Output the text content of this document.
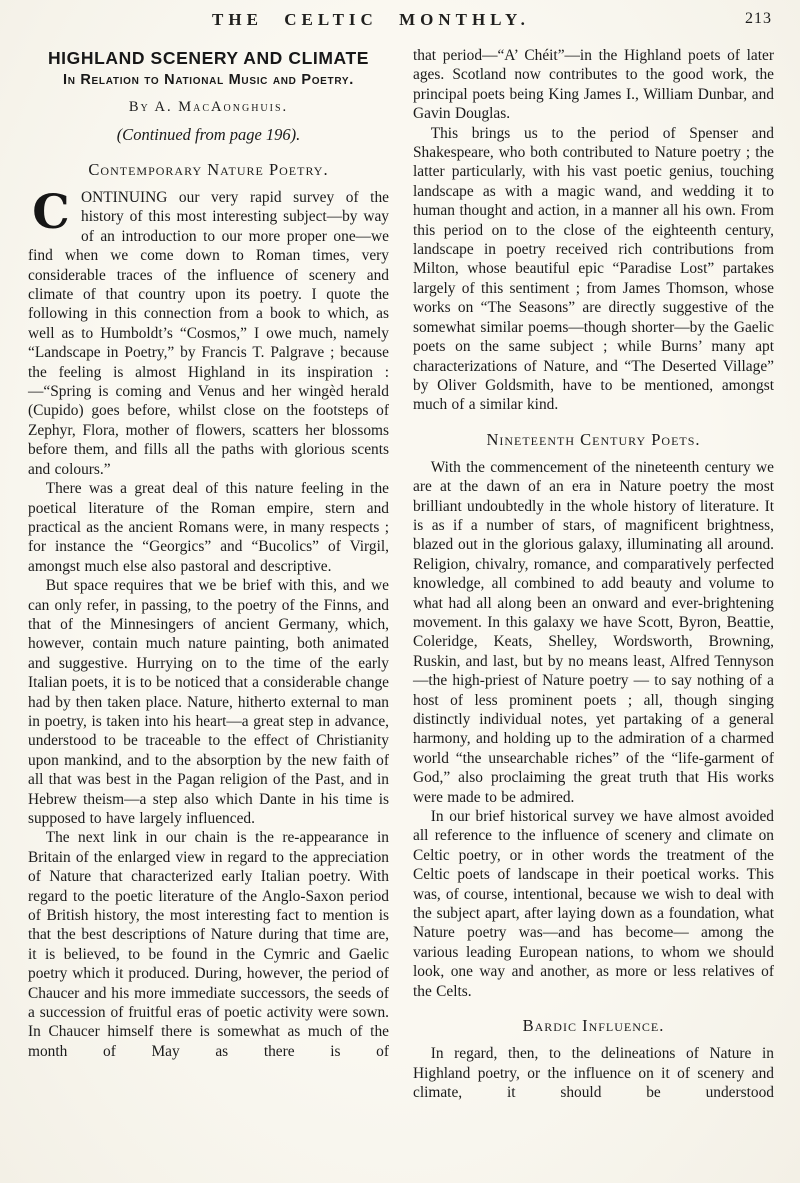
THE CELTIC MONTHLY.	213
HIGHLAND SCENERY AND CLIMATE
In Relation to National Music and Poetry.
By A. MacAonghuis.
(Continued from page 196).
Contemporary Nature Poetry.

CONTINUING our very rapid survey of the history of this most interesting subject—by way of an introduction to our more proper one—we find when we come down to Roman times, very considerable traces of the influence of scenery and climate of that country upon its poetry. I quote the following in this connection from a book to which, as well as to Humboldt’s “Cosmos,” I owe much, namely “Landscape in Poetry,” by Francis T. Palgrave ; because the feeling is almost Highland in its inspiration :—“Spring is coming and Venus and her wingèd herald (Cupido) goes before, whilst close on the footsteps of Zephyr, Flora, mother of flowers, scatters her blossoms before them, and fills all the paths with glorious scents and colours.”

There was a great deal of this nature feeling in the poetical literature of the Roman empire, stern and practical as the ancient Romans were, in many respects ; for instance the “Georgics” and “Bucolics” of Virgil, amongst much else also pastoral and descriptive.

But space requires that we be brief with this, and we can only refer, in passing, to the poetry of the Finns, and that of the Minnesingers of ancient Germany, which, however, contain much nature painting, both animated and suggestive. Hurrying on to the time of the early Italian poets, it is to be noticed that a considerable change had by then taken place. Nature, hitherto external to man in poetry, is taken into his heart—a great step in advance, understood to be traceable to the effect of Christianity upon mankind, and to the absorption by the new faith of all that was best in the Pagan religion of the Past, and in Hebrew theism—a step also which Dante in his time is supposed to have largely influenced.

The next link in our chain is the re-appearance in Britain of the enlarged view in regard to the appreciation of Nature that characterized early Italian poetry. With regard to the poetic literature of the Anglo-Saxon period of British history, the most interesting fact to mention is that the best descriptions of Nature during that time are, it is believed, to be found in the Cymric and Gaelic poetry which it produced. During, however, the period of Chaucer and his more immediate successors, the seeds of a succession of fruitful eras of poetic activity were sown. In Chaucer himself there is somewhat as much of the month of May as there is of

that period—“A’ Chéit”—in the Highland poets of later ages. Scotland now contributes to the good work, the principal poets being King James I., William Dunbar, and Gavin Douglas.

This brings us to the period of Spenser and Shakespeare, who both contributed to Nature poetry ; the latter particularly, with his vast poetic genius, touching landscape as with a magic wand, and wedding it to human thought and action, in a manner all his own. From this period on to the close of the eighteenth century, landscape in poetry received rich contributions from Milton, whose beautiful epic “Paradise Lost” partakes largely of this sentiment ; from James Thomson, whose works on “The Seasons” are directly suggestive of the somewhat similar poems—though shorter—by the Gaelic poets on the same subject ; while Burns’ many apt characterizations of Nature, and “The Deserted Village” by Oliver Goldsmith, have to be mentioned, amongst much of a similar kind.

Nineteenth Century Poets.

With the commencement of the nineteenth century we are at the dawn of an era in Nature poetry the most brilliant undoubtedly in the whole history of literature. It is as if a number of stars, of magnificent brightness, blazed out in the glorious galaxy, illuminating all around. Religion, chivalry, romance, and comparatively perfected knowledge, all combined to add beauty and volume to what had all along been an onward and ever-brightening movement. In this galaxy we have Scott, Byron, Beattie, Coleridge, Keats, Shelley, Wordsworth, Browning, Ruskin, and last, but by no means least, Alfred Tennyson—the high-priest of Nature poetry — to say nothing of a host of less prominent poets ; all, though singing distinctly individual notes, yet partaking of a general harmony, and holding up to the admiration of a charmed world “the unsearchable riches” of the “life-garment of God,” also proclaiming the great truth that His works were made to be admired.

In our brief historical survey we have almost avoided all reference to the influence of scenery and climate on Celtic poetry, or in other words the treatment of the Celtic poets of landscape in their poetical works. This was, of course, intentional, because we wish to deal with the subject apart, after laying down as a foundation, what Nature poetry was—and has become— among the various leading European nations, to whom we should look, one way and another, as more or less relatives of the Celts.

Bardic Influence.

In regard, then, to the delineations of Nature in Highland poetry, or the influence on it of scenery and climate, it should be understood
